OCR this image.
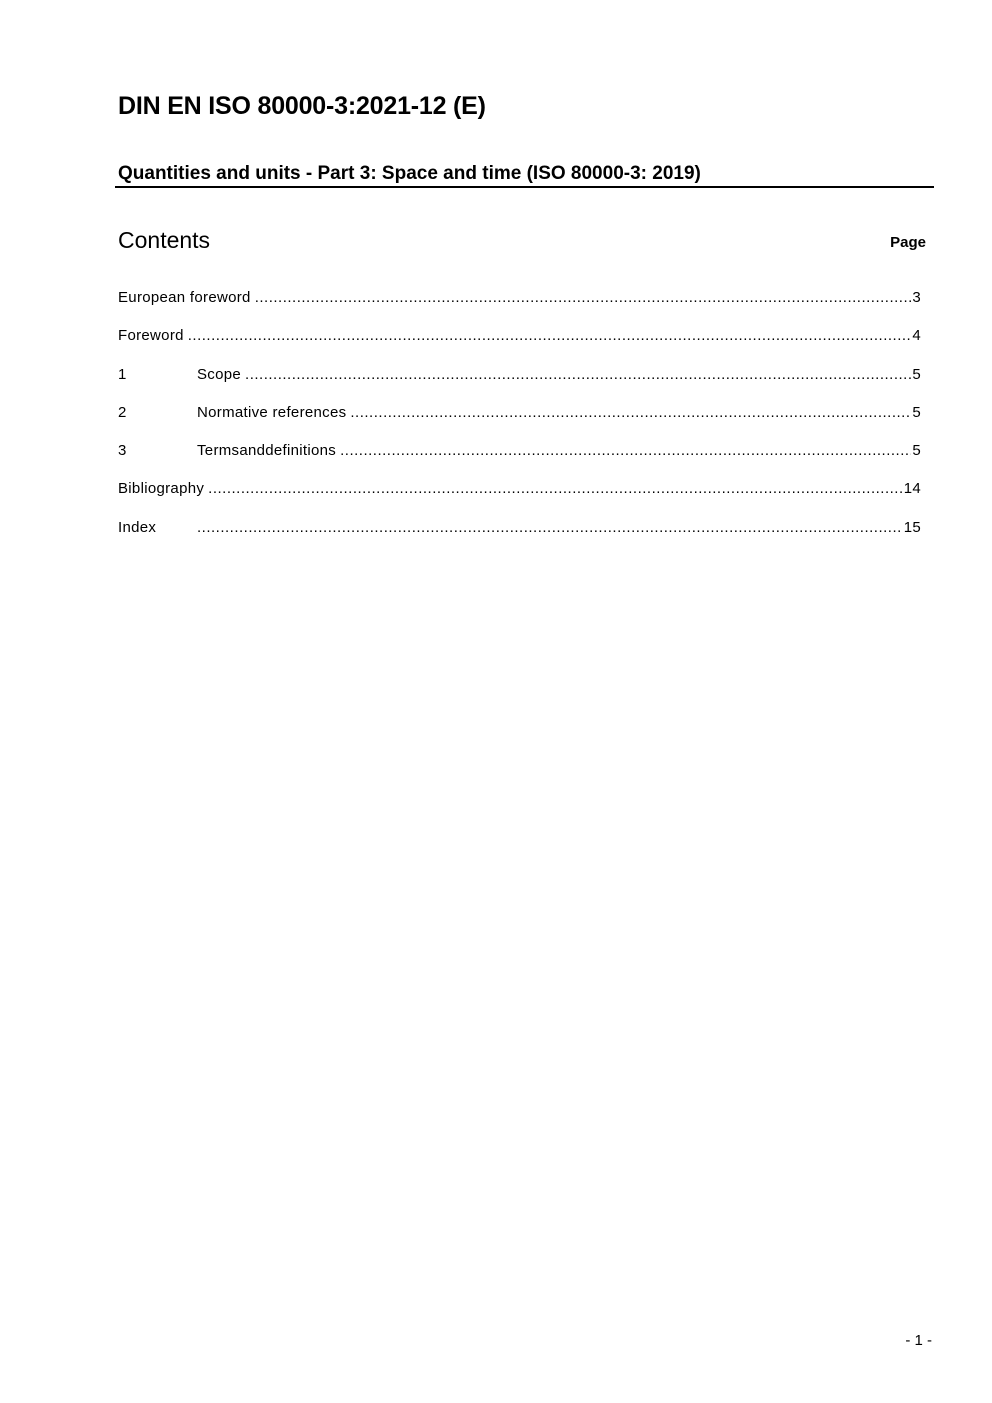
DIN EN ISO 80000-3:2021-12 (E)
Quantities and units - Part 3: Space and time (ISO 80000-3: 2019)
Contents	Page
European foreword .....	3
Foreword .....	4
1	Scope .....	5
2	Normative references .....	5
3	Termsanddefinitions .....	5
Bibliography .....	14
Index .....	15
- 1 -
